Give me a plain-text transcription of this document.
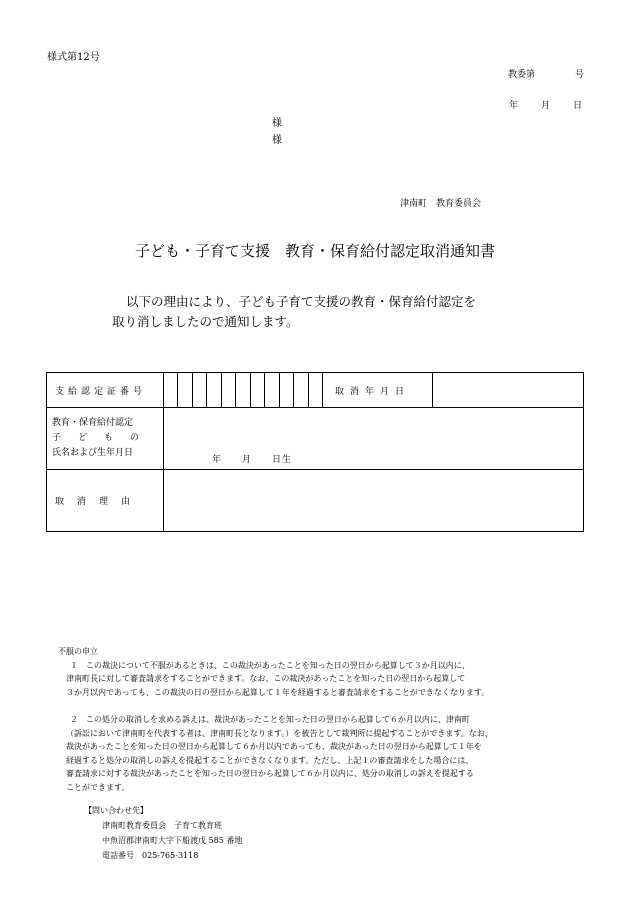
様式第12号
教委第	号
年	月	日
様
様
津南町　教育委員会
子ども・子育て支援　教育・保育給付認定取消通知書
以下の理由により、子ども子育て支援の教育・保育給付認定を
取り消しましたので通知します。
支給認定証番号		取消年月日	

教育・保育給付認定
子　ど　も　の
氏名および生年月日	年　　月　　日生		

取　消　理　由			

不服の申立

１　この裁決について不服があるときは、この裁決があったことを知った日の翌日から起算して３か月以内に、

津南町長に対して審査請求をすることができます。なお、この裁決があったことを知った日の翌日から起算して

３か月以内であっても、この裁決の日の翌日から起算して１年を経過すると審査請求をすることができなくなります。

２　この処分の取消しを求める訴えは、裁決があったことを知った日の翌日から起算して６か月以内に、津南町

（訴訟において津南町を代表する者は、津南町長となります。）を被告として裁判所に提起することができます。なお、

裁決があったことを知った日の翌日から起算して６か月以内であっても、裁決があった日の翌日から起算して１年を

経過すると処分の取消しの訴えを提起することができなくなります。ただし、上記１の審査請求をした場合には、

審査請求に対する裁決があったことを知った日の翌日から起算して６か月以内に、処分の取消しの訴えを提起する

ことができます。

【問い合わせ先】
津南町教育委員会　子育て教育班
中魚沼郡津南町大字下船渡戊 585 番地
電話番号　025-765-3118
